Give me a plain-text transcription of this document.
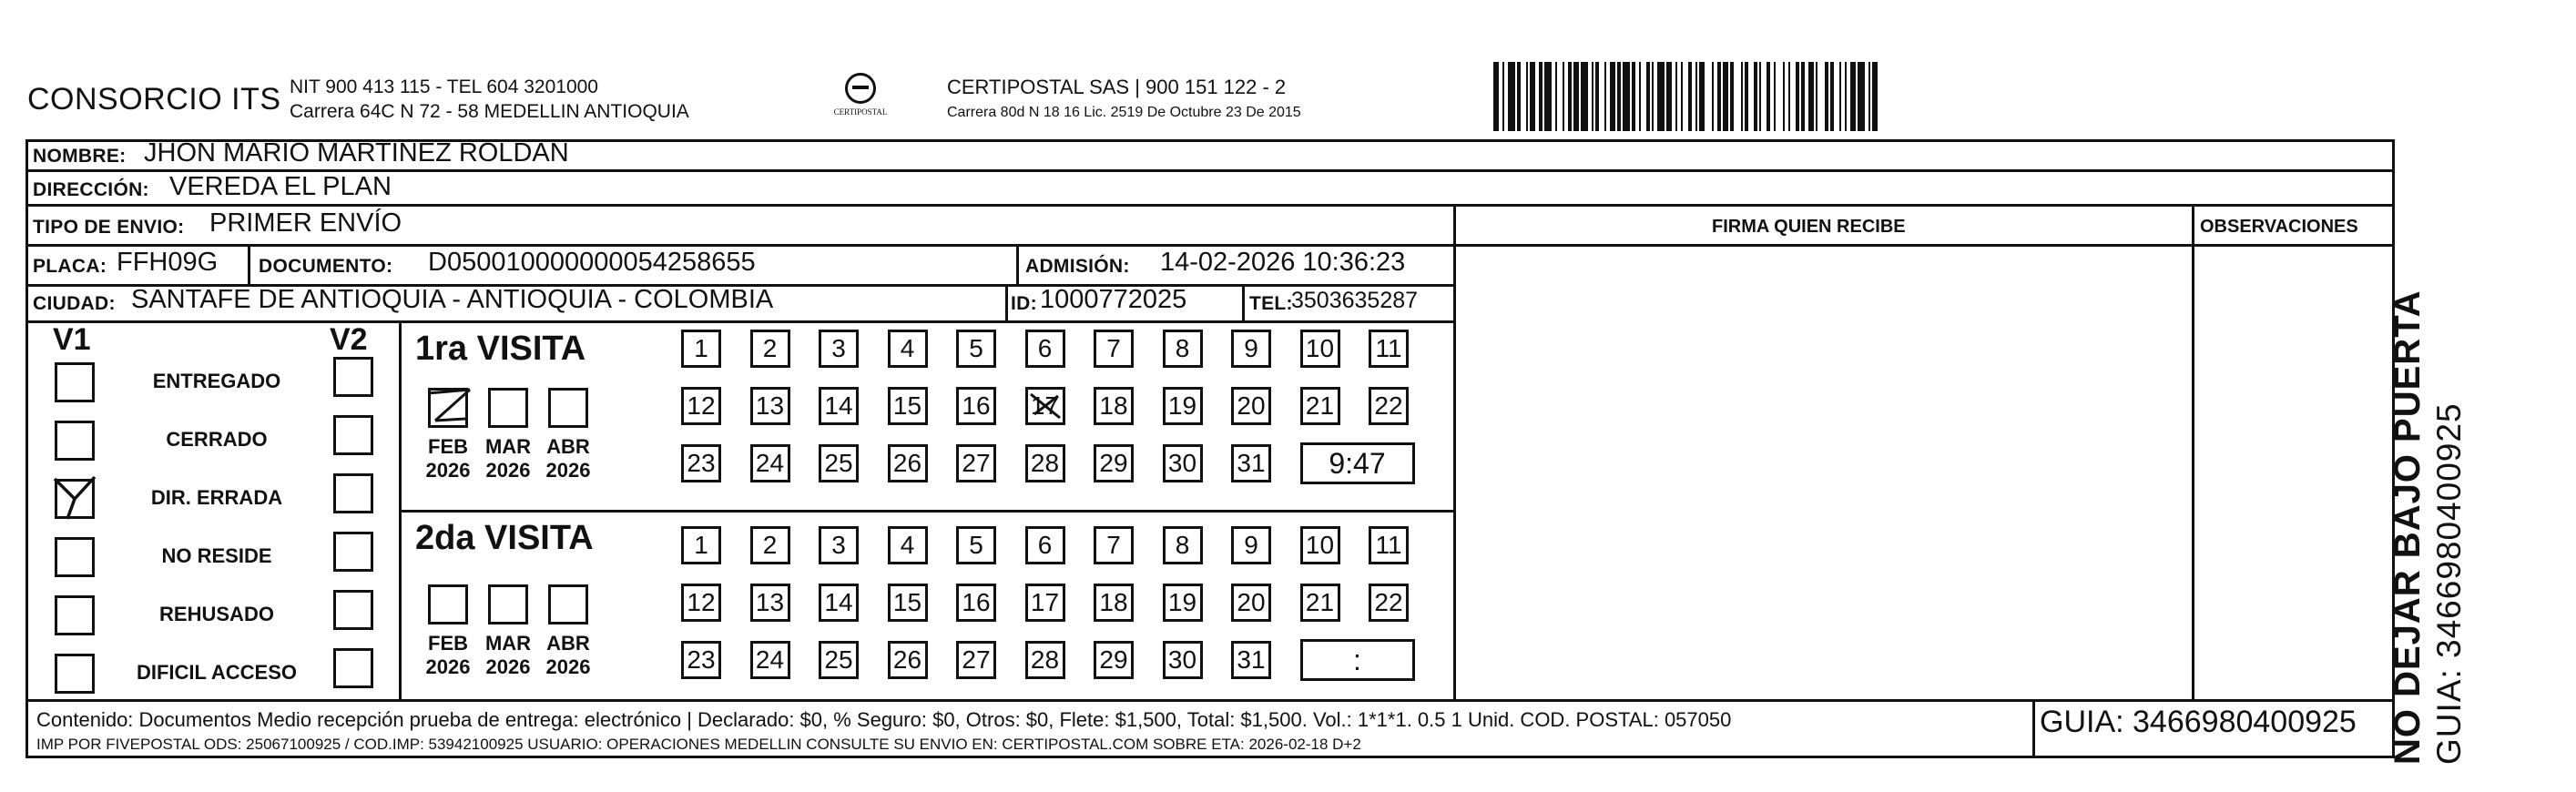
CONSORCIO ITS NIT 900 413 115 - TEL 604 3201000
Carrera 64C N 72 - 58 MEDELLIN ANTIOQUIA	CERTIPOSTAL
CERTIPOSTAL SAS | 900 151 122 - 2
Carrera 80d N 18 16 Lic. 2519 De Octubre 23 De 2015
NOMBRE: JHON MARIO MARTINEZ ROLDAN
DIRECCIÓN: VEREDA EL PLAN
TIPO DE ENVIO: PRIMER ENVÍO	FIRMA QUIEN RECIBE	OBSERVACIONES
PLACA: FFH09G DOCUMENTO: D050010000000054258655	ADMISIÓN: 14-02-2026 10:36:23
CIUDAD: SANTAFE DE ANTIOQUIA - ANTIOQUIA - COLOMBIA	ID: 1000772025	TEL:
3503635287
V1	V2
ENTREGADO
CERRADO
DIR. ERRADA
NO RESIDE
REHUSADO
DIFICIL ACCESO
1ra VISITA
2da VISITA
FEB
2026
MAR
2026
ABR
2026
1	2	3	4	5	6	7	8	9	10 11
12 13 14 15 16 17 18 19 20 21 22
23 24 25 26 27 28 29 30 31	9:47
FEB
2026
MAR
2026
ABR
2026
1	2	3	4	5	6	7	8	9	10 11
12 13 14 15 16 17 18 19 20 21 22
23 24 25 26 27 28 29 30 31	:
Contenido: Documentos Medio recepción prueba de entrega: electrónico | Declarado: $0, % Seguro: $0, Otros: $0, Flete: $1,500, Total: $1,500. Vol.: 1*1*1. 0.5 1 Unid. COD. POSTAL: 057050
IMP POR FIVEPOSTAL ODS: 25067100925 / COD.IMP: 53942100925 USUARIO: OPERACIONES MEDELLIN CONSULTE SU ENVIO EN: CERTIPOSTAL.COM SOBRE ETA: 2026-02-18 D+2
GUIA: 3466980400925 NO DEJAR BAJO PUERTA GUIA: 3466980400925
